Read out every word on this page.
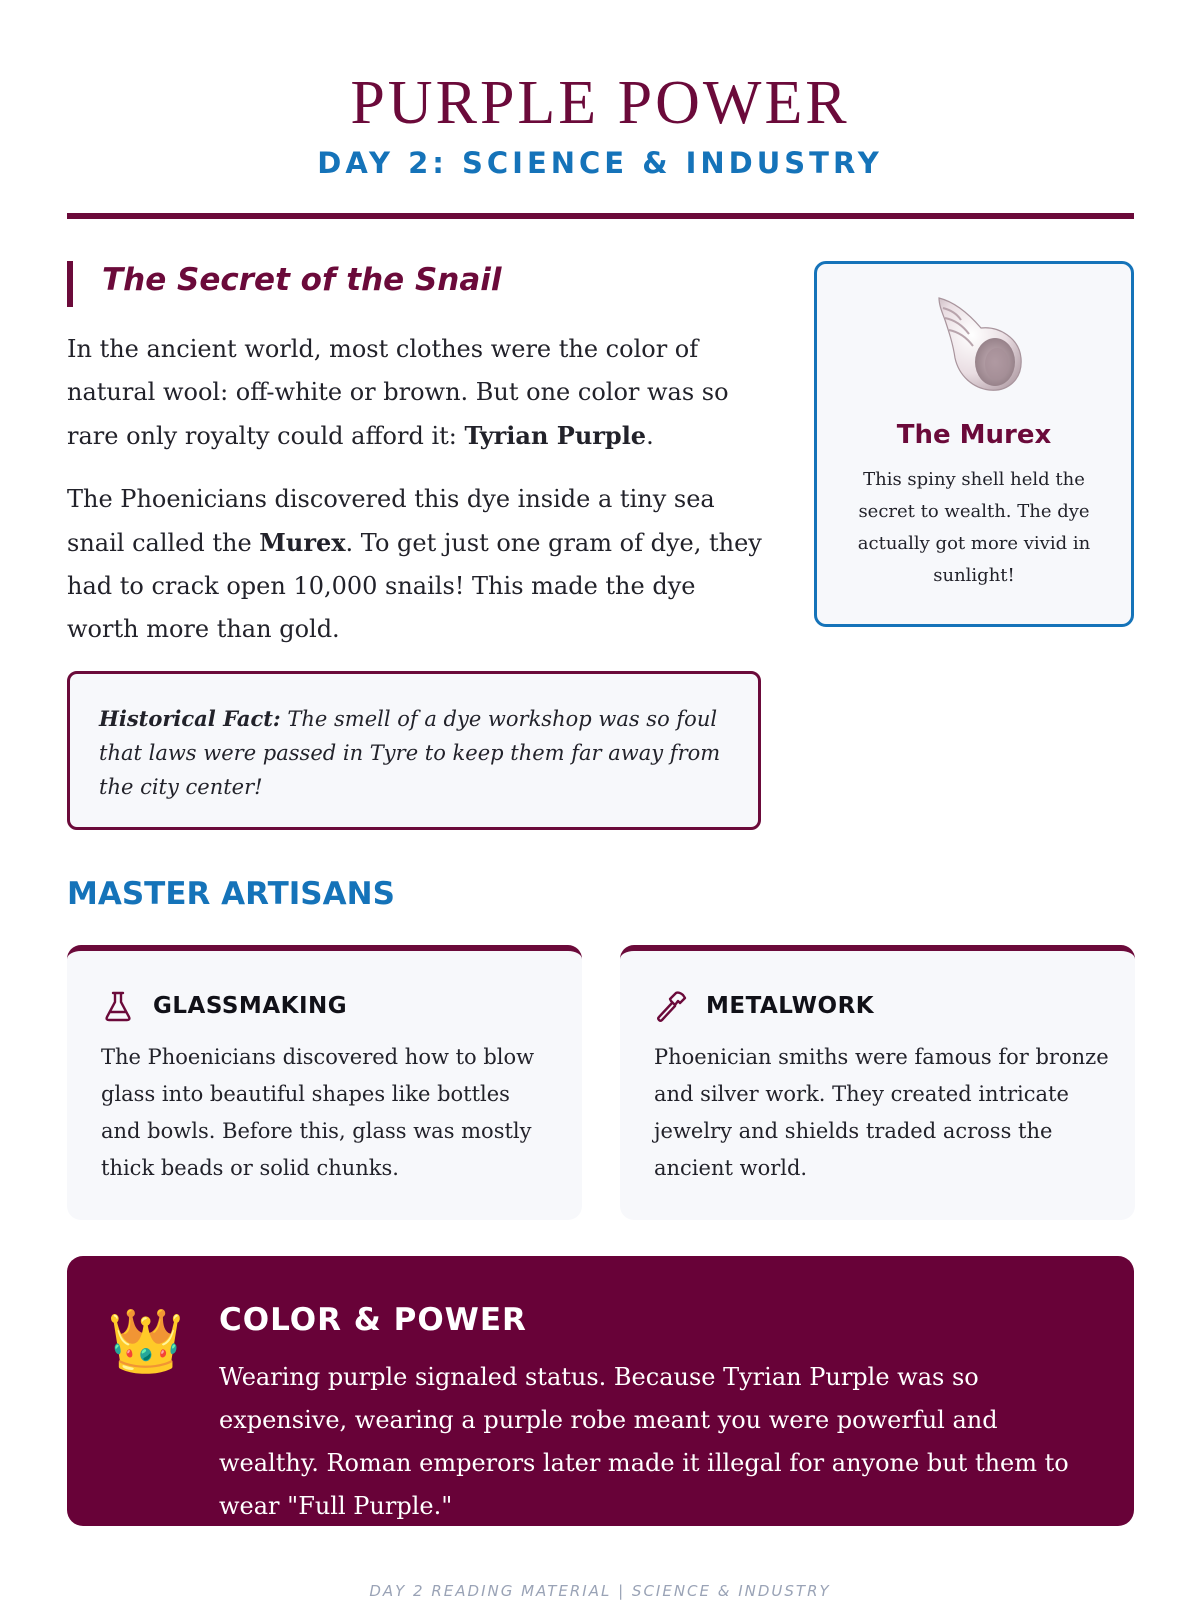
PURPLE POWER
DAY 2: SCIENCE & INDUSTRY
The Secret of the Snail

In the ancient world, most clothes were the color of natural wool: off-white or brown. But one color was so rare only royalty could afford it: Tyrian Purple.

The Phoenicians discovered this dye inside a tiny sea snail called the Murex. To get just one gram of dye, they had to crack open 10,000 snails! This made the dye worth more than gold.

Historical Fact: The smell of a dye workshop was so foul that laws were passed in Tyre to keep them far away from the city center!
The Murex
This spiny shell held the secret to wealth. The dye actually got more vivid in sunlight!
MASTER ARTISANS
GLASSMAKING
The Phoenicians discovered how to blow glass into beautiful shapes like bottles and bowls. Before this, glass was mostly thick beads or solid chunks.
METALWORK
Phoenician smiths were famous for bronze and silver work. They created intricate jewelry and shields traded across the ancient world.
👑 COLOR & POWER
Wearing purple signaled status. Because Tyrian Purple was so expensive, wearing a purple robe meant you were powerful and wealthy. Roman emperors later made it illegal for anyone but them to wear "Full Purple."
DAY 2 READING MATERIAL | SCIENCE & INDUSTRY
